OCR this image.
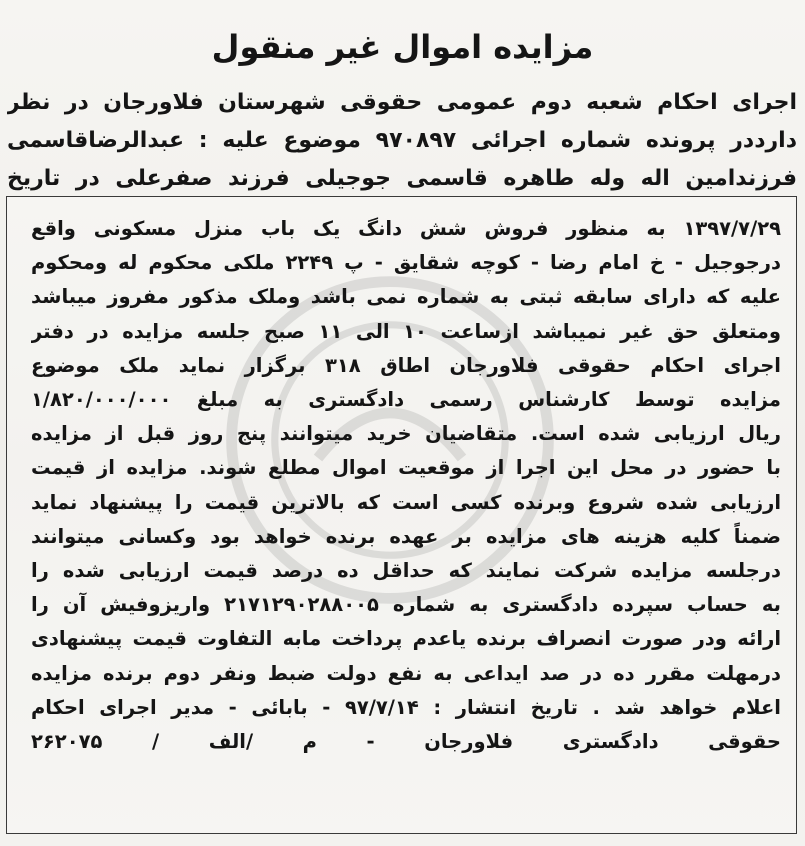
مزایده اموال غیر منقول
اجرای احکام شعبه دوم عمومی حقوقی شهرستان فلاورجان در نظر
دارددر پرونده شماره اجرائی ۹۷۰۸۹۷ موضوع علیه : عبدالرضاقاسمی
فرزندامین اله وله طاهره قاسمی جوجیلی فرزند صفرعلی در تاریخ
۱۳۹۷/۷/۲۹ به منظور فروش شش دانگ یک باب منزل مسکونی واقع
درجوجیل - خ امام رضا - کوچه شقایق - پ ۲۲۴۹ ملکی محکوم له ومحکوم
علیه که دارای سابقه ثبتی به شماره نمی باشد وملک مذکور مفروز میباشد
ومتعلق حق غیر نمیباشد ازساعت ۱۰ الی ۱۱ صبح جلسه مزایده در دفتر
اجرای احکام حقوقی فلاورجان اطاق ۳۱۸ برگزار نماید ملک موضوع
مزایده توسط کارشناس رسمی دادگستری به مبلغ ۱/۸۲۰/۰۰۰/۰۰۰
ریال ارزیابی شده است. متقاضیان خرید میتوانند پنج روز قبل از مزایده
با حضور در محل این اجرا از موقعیت اموال مطلع شوند. مزایده از قیمت
ارزیابی شده شروع وبرنده کسی است که بالاترین قیمت را پیشنهاد نماید
ضمناً کلیه هزینه های مزایده بر عهده برنده خواهد بود وکسانی میتوانند
درجلسه مزایده شرکت نمایند که حداقل ده درصد قیمت ارزیابی شده را
به حساب سپرده دادگستری به شماره ۲۱۷۱۲۹۰۲۸۸۰۰۵ واریزوفیش آن را
ارائه ودر صورت انصراف برنده یاعدم پرداخت مابه التفاوت قیمت پیشنهادی
درمهلت مقرر ده در صد ایداعی به نفع دولت ضبط ونفر دوم برنده مزایده
اعلام خواهد شد . تاریخ انتشار : ۹۷/۷/۱۴ - بابائی - مدیر اجرای احکام
حقوقی دادگستری فلاورجان - م /الف / ۲۶۲۰۷۵
